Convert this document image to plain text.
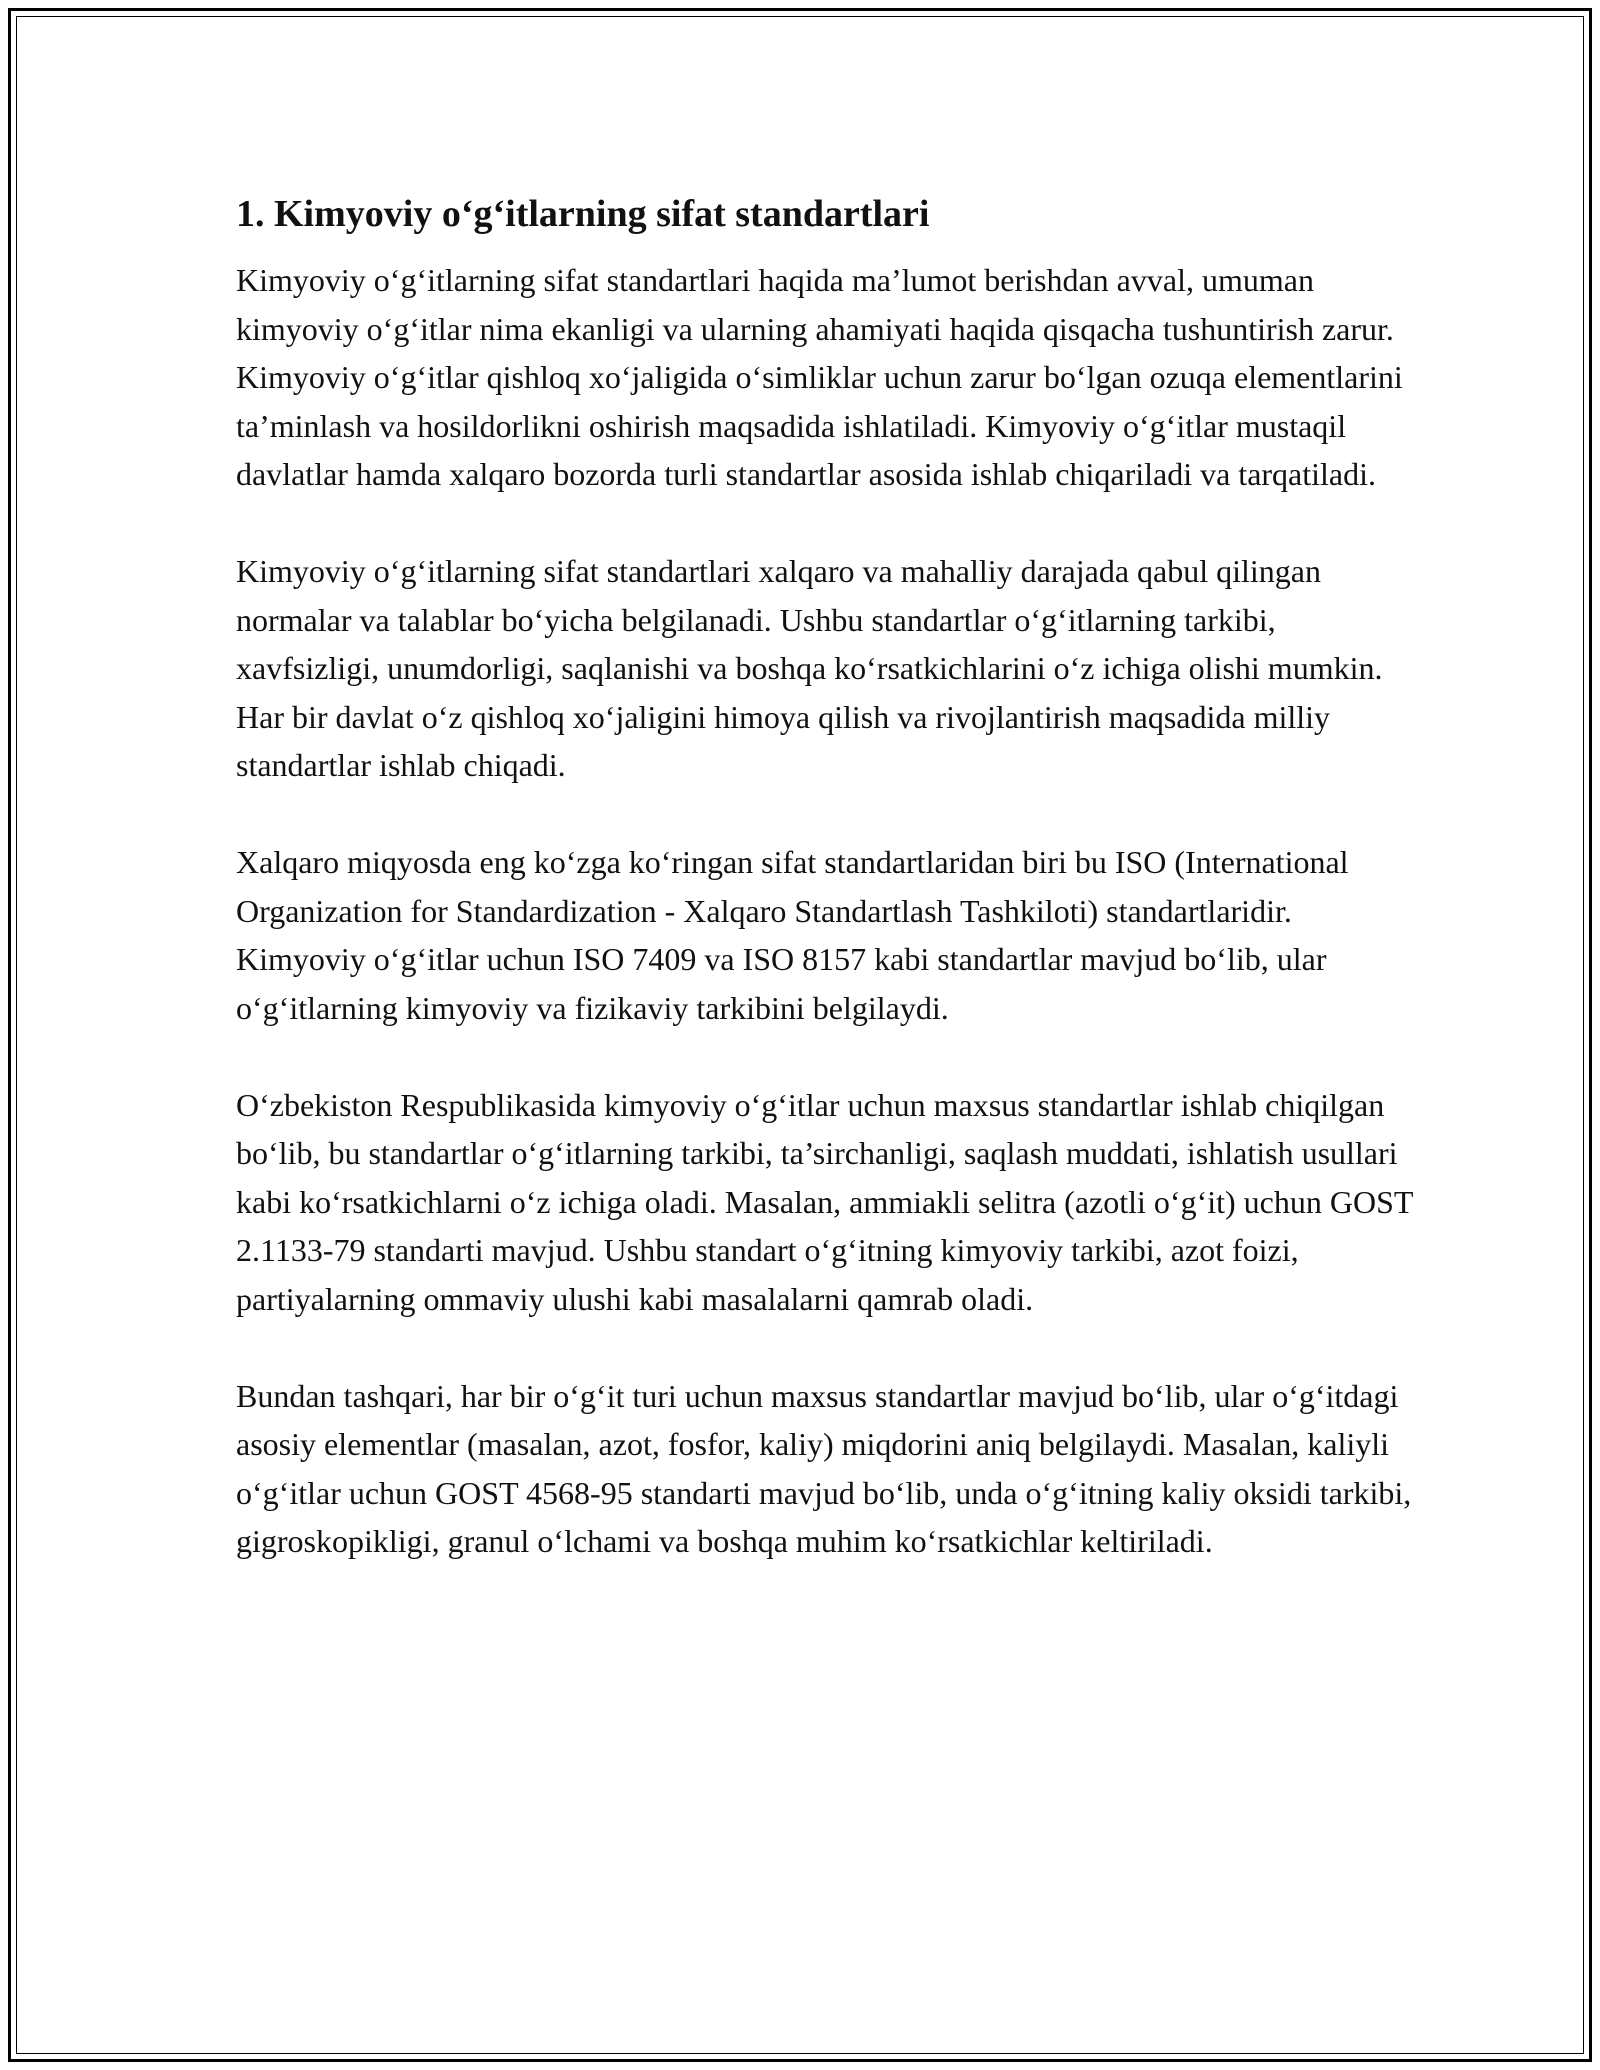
1. Kimyoviy o‘g‘itlarning sifat standartlari

Kimyoviy o‘g‘itlarning sifat standartlari haqida ma’lumot berishdan avval, umuman kimyoviy o‘g‘itlar nima ekanligi va ularning ahamiyati haqida qisqacha tushuntirish zarur. Kimyoviy o‘g‘itlar qishloq xo‘jaligida o‘simliklar uchun zarur bo‘lgan ozuqa elementlarini ta’minlash va hosildorlikni oshirish maqsadida ishlatiladi. Kimyoviy o‘g‘itlar mustaqil davlatlar hamda xalqaro bozorda turli standartlar asosida ishlab chiqariladi va tarqatiladi.

Kimyoviy o‘g‘itlarning sifat standartlari xalqaro va mahalliy darajada qabul qilingan normalar va talablar bo‘yicha belgilanadi. Ushbu standartlar o‘g‘itlarning tarkibi, xavfsizligi, unumdorligi, saqlanishi va boshqa ko‘rsatkichlarini o‘z ichiga olishi mumkin. Har bir davlat o‘z qishloq xo‘jaligini himoya qilish va rivojlantirish maqsadida milliy standartlar ishlab chiqadi.

Xalqaro miqyosda eng ko‘zga ko‘ringan sifat standartlaridan biri bu ISO (International Organization for Standardization - Xalqaro Standartlash Tashkiloti) standartlaridir. Kimyoviy o‘g‘itlar uchun ISO 7409 va ISO 8157 kabi standartlar mavjud bo‘lib, ular o‘g‘itlarning kimyoviy va fizikaviy tarkibini belgilaydi.

O‘zbekiston Respublikasida kimyoviy o‘g‘itlar uchun maxsus standartlar ishlab chiqilgan bo‘lib, bu standartlar o‘g‘itlarning tarkibi, ta’sirchanligi, saqlash muddati, ishlatish usullari kabi ko‘rsatkichlarni o‘z ichiga oladi. Masalan, ammiakli selitra (azotli o‘g‘it) uchun GOST 2.1133-79 standarti mavjud. Ushbu standart o‘g‘itning kimyoviy tarkibi, azot foizi, partiyalarning ommaviy ulushi kabi masalalarni qamrab oladi.

Bundan tashqari, har bir o‘g‘it turi uchun maxsus standartlar mavjud bo‘lib, ular o‘g‘itdagi asosiy elementlar (masalan, azot, fosfor, kaliy) miqdorini aniq belgilaydi. Masalan, kaliyli o‘g‘itlar uchun GOST 4568-95 standarti mavjud bo‘lib, unda o‘g‘itning kaliy oksidi tarkibi, gigroskopikligi, granul o‘lchami va boshqa muhim ko‘rsatkichlar keltiriladi.
